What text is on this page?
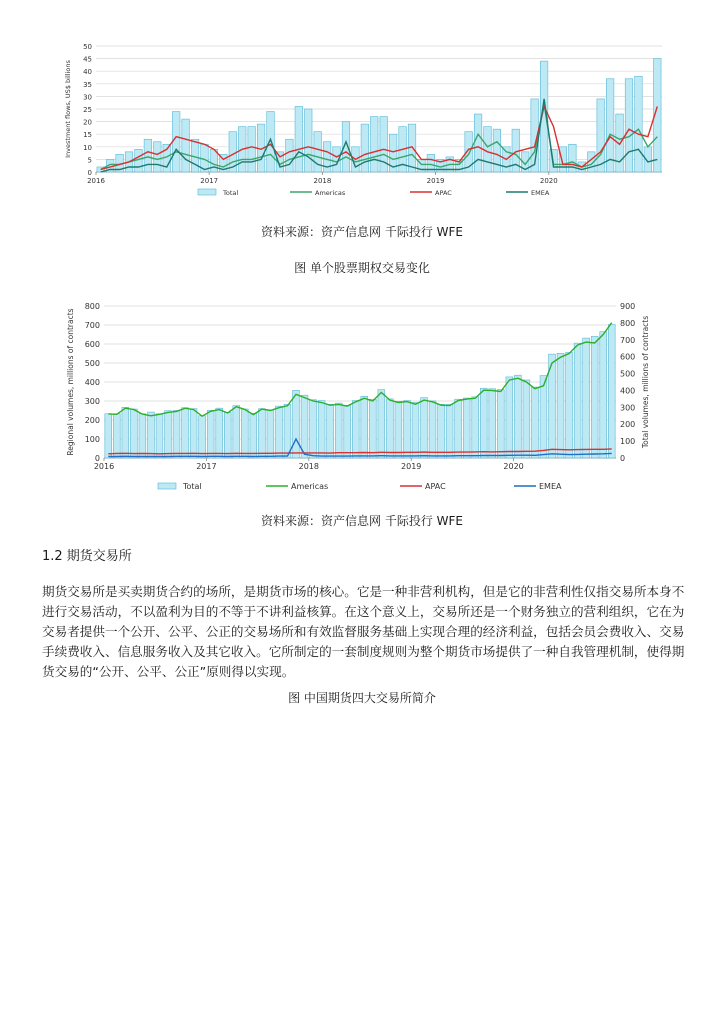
0
5
10
15
20
25
30
35
40
45
50
Investment flows, US$ billions
2016	2017	2018	2019	2020
Total	Americas	APAC	EMEA
资料来源：资产信息网 千际投行 WFE
图 单个股票期权交易变化
0
100
200
300
400
500
600
700
800
0
100
200
300
400
500
600
700
800
900
Regional volumes, millions of contracts	Total volumes, millions of contracts
2016	2017	2018	2019	2020
Total	Americas	APAC	EMEA
资料来源：资产信息网 千际投行 WFE
1.2 期货交易所
期货交易所是买卖期货合约的场所，是期货市场的核心。它是一种非营利机构，但是它的非营利性仅指交易所本身不进行交易活动，不以盈利为目的不等于不讲利益核算。在这个意义上，交易所还是一个财务独立的营利组织，它在为交易者提供一个公开、公平、公正的交易场所和有效监督服务基础上实现合理的经济利益，包括会员会费收入、交易手续费收入、信息服务收入及其它收入。它所制定的一套制度规则为整个期货市场提供了一种自我管理机制，使得期货交易的“公开、公平、公正”原则得以实现。
图 中国期货四大交易所简介
